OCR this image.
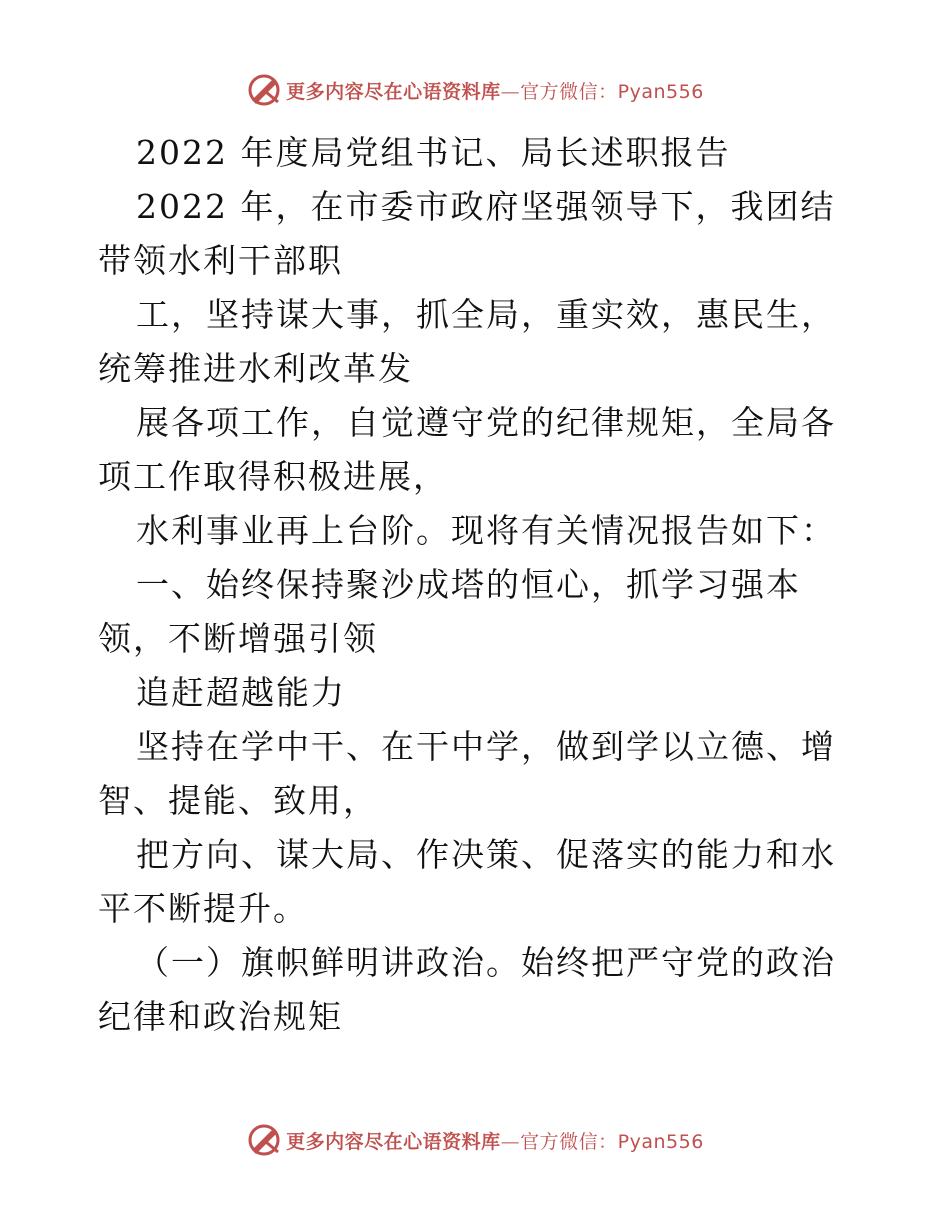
更多内容尽在心语资料库—官方微信：Pyan556

2022 年度局党组书记、局长述职报告

2022 年，在市委市政府坚强领导下，我团结带领水利干部职

工，坚持谋大事，抓全局，重实效，惠民生，统筹推进水利改革发

展各项工作，自觉遵守党的纪律规矩，全局各项工作取得积极进展，

水利事业再上台阶。现将有关情况报告如下：

一、始终保持聚沙成塔的恒心，抓学习强本领，不断增强引领

追赶超越能力

坚持在学中干、在干中学，做到学以立德、增智、提能、致用，

把方向、谋大局、作决策、促落实的能力和水平不断提升。

（一）旗帜鲜明讲政治。始终把严守党的政治纪律和政治规矩

更多内容尽在心语资料库—官方微信：Pyan556
